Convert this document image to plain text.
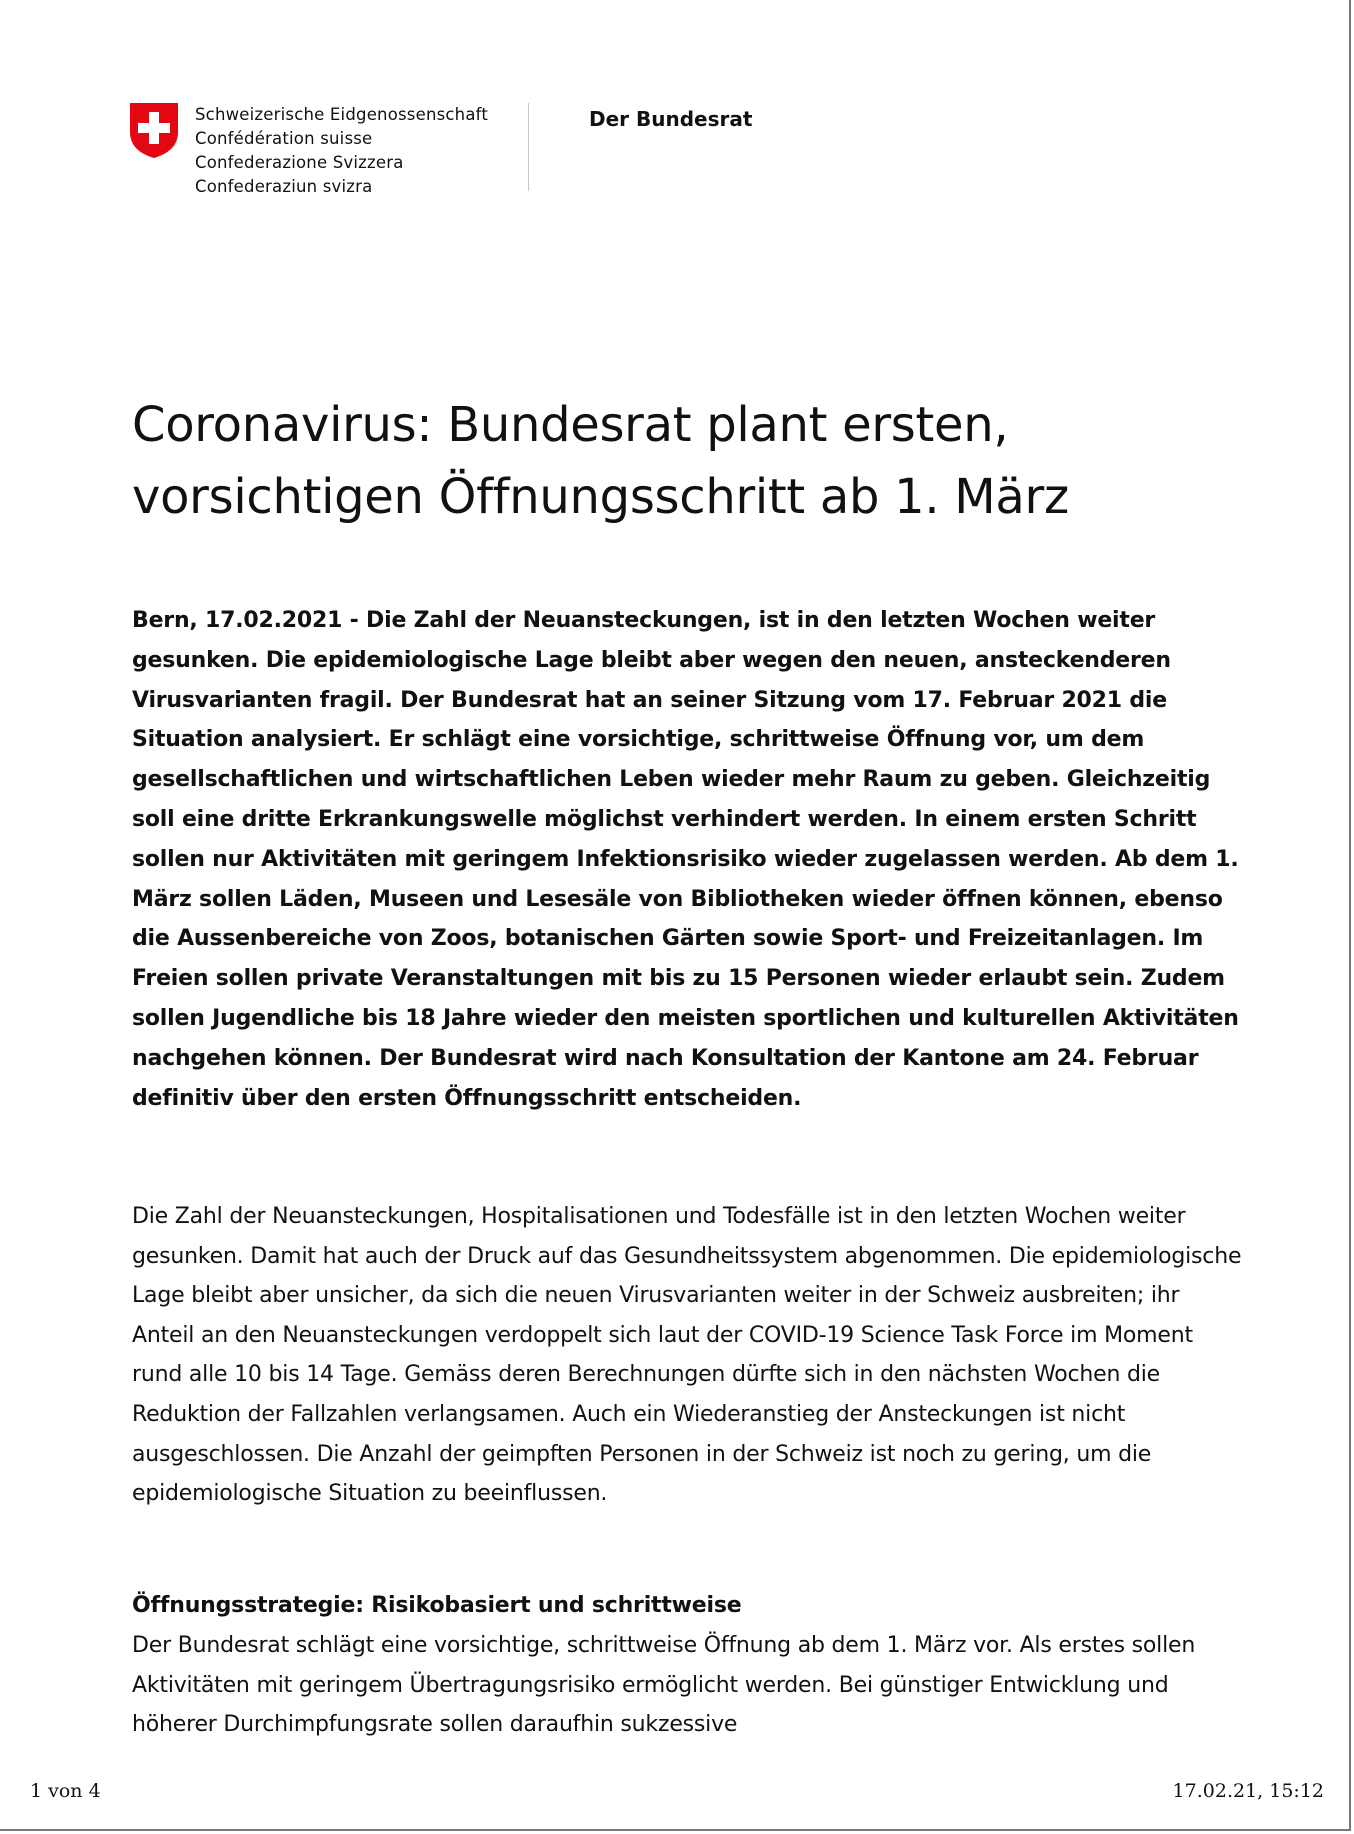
Schweizerische Eidgenossenschaft
Confédération suisse
Confederazione Svizzera
Confederaziun svizra
Der Bundesrat
Coronavirus: Bundesrat plant ersten, vorsichtigen Öffnungsschritt ab 1. März

Bern, 17.02.2021 - Die Zahl der Neuansteckungen, ist in den letzten Wochen weiter gesunken. Die epidemiologische Lage bleibt aber wegen den neuen, ansteckenderen Virusvarianten fragil. Der Bundesrat hat an seiner Sitzung vom 17. Februar 2021 die Situation analysiert. Er schlägt eine vorsichtige, schrittweise Öffnung vor, um dem gesellschaftlichen und wirtschaftlichen Leben wieder mehr Raum zu geben. Gleichzeitig soll eine dritte Erkrankungswelle möglichst verhindert werden. In einem ersten Schritt sollen nur Aktivitäten mit geringem Infektionsrisiko wieder zugelassen werden. Ab dem 1. März sollen Läden, Museen und Lesesäle von Bibliotheken wieder öffnen können, ebenso die Aussenbereiche von Zoos, botanischen Gärten sowie Sport- und Freizeitanlagen. Im Freien sollen private Veranstaltungen mit bis zu 15 Personen wieder erlaubt sein. Zudem sollen Jugendliche bis 18 Jahre wieder den meisten sportlichen und kulturellen Aktivitäten nachgehen können. Der Bundesrat wird nach Konsultation der Kantone am 24. Februar definitiv über den ersten Öffnungsschritt entscheiden.

Die Zahl der Neuansteckungen, Hospitalisationen und Todesfälle ist in den letzten Wochen weiter gesunken. Damit hat auch der Druck auf das Gesundheitssystem abgenommen. Die epidemiologische Lage bleibt aber unsicher, da sich die neuen Virusvarianten weiter in der Schweiz ausbreiten; ihr Anteil an den Neuansteckungen verdoppelt sich laut der COVID-19 Science Task Force im Moment rund alle 10 bis 14 Tage. Gemäss deren Berechnungen dürfte sich in den nächsten Wochen die Reduktion der Fallzahlen verlangsamen. Auch ein Wiederanstieg der Ansteckungen ist nicht ausgeschlossen. Die Anzahl der geimpften Personen in der Schweiz ist noch zu gering, um die epidemiologische Situation zu beeinflussen.

Öffnungsstrategie: Risikobasiert und schrittweise

Der Bundesrat schlägt eine vorsichtige, schrittweise Öffnung ab dem 1. März vor. Als erstes sollen Aktivitäten mit geringem Übertragungsrisiko ermöglicht werden. Bei günstiger Entwicklung und höherer Durchimpfungsrate sollen daraufhin sukzessive

1 von 4	17.02.21, 15:12
